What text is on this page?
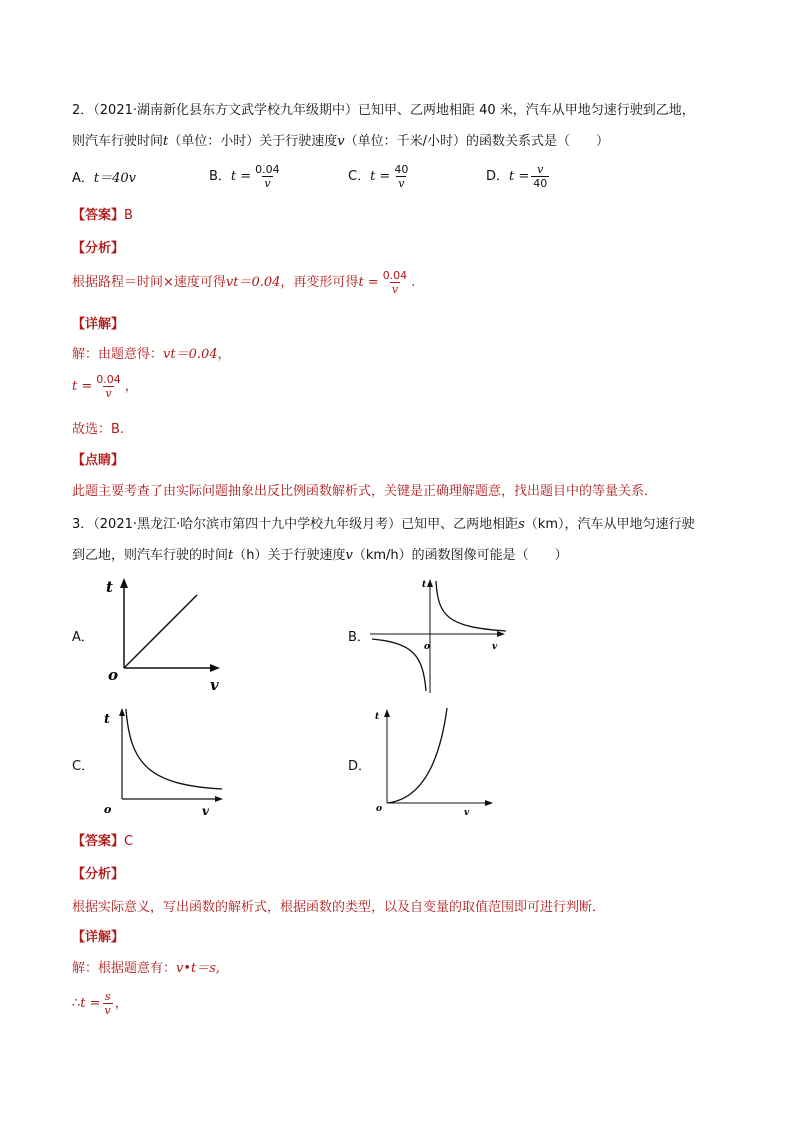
2．（2021·湖南新化县东方文武学校九年级期中）已知甲、乙两地相距 40 米，汽车从甲地匀速行驶到乙地，
则汽车行驶时间t（单位：小时）关于行驶速度v（单位：千米/小时）的函数关系式是（　　）
A．t＝40v	B．$t = \frac{0.04}{v}$	C．$t = \frac{40}{v}$	D．$t = \frac{v}{40}$
【答案】B
【分析】
根据路程＝时间×速度可得vt＝0.04，再变形可得$t = \frac{0.04}{v}$ .
【详解】
解：由题意得：vt＝0.04，
$t = \frac{0.04}{v}$ ，
故选：B.
【点睛】
此题主要考查了由实际问题抽象出反比例函数解析式，关键是正确理解题意，找出题目中的等量关系．
3．（2021·黑龙江·哈尔滨市第四十九中学校九年级月考）已知甲、乙两地相距s（km），汽车从甲地匀速行驶
到乙地，则汽车行驶的时间t（h）关于行驶速度v（km/h）的函数图像可能是（　　）
A．
t
o
v
B．
t
o	v
C．
t
o	v
D．
t
o	v
【答案】C
【分析】
根据实际意义，写出函数的解析式，根据函数的类型，以及自变量的取值范围即可进行判断．
【详解】
解：根据题意有：v•t＝s,
∴t = $\frac{s}{v}$ ，
